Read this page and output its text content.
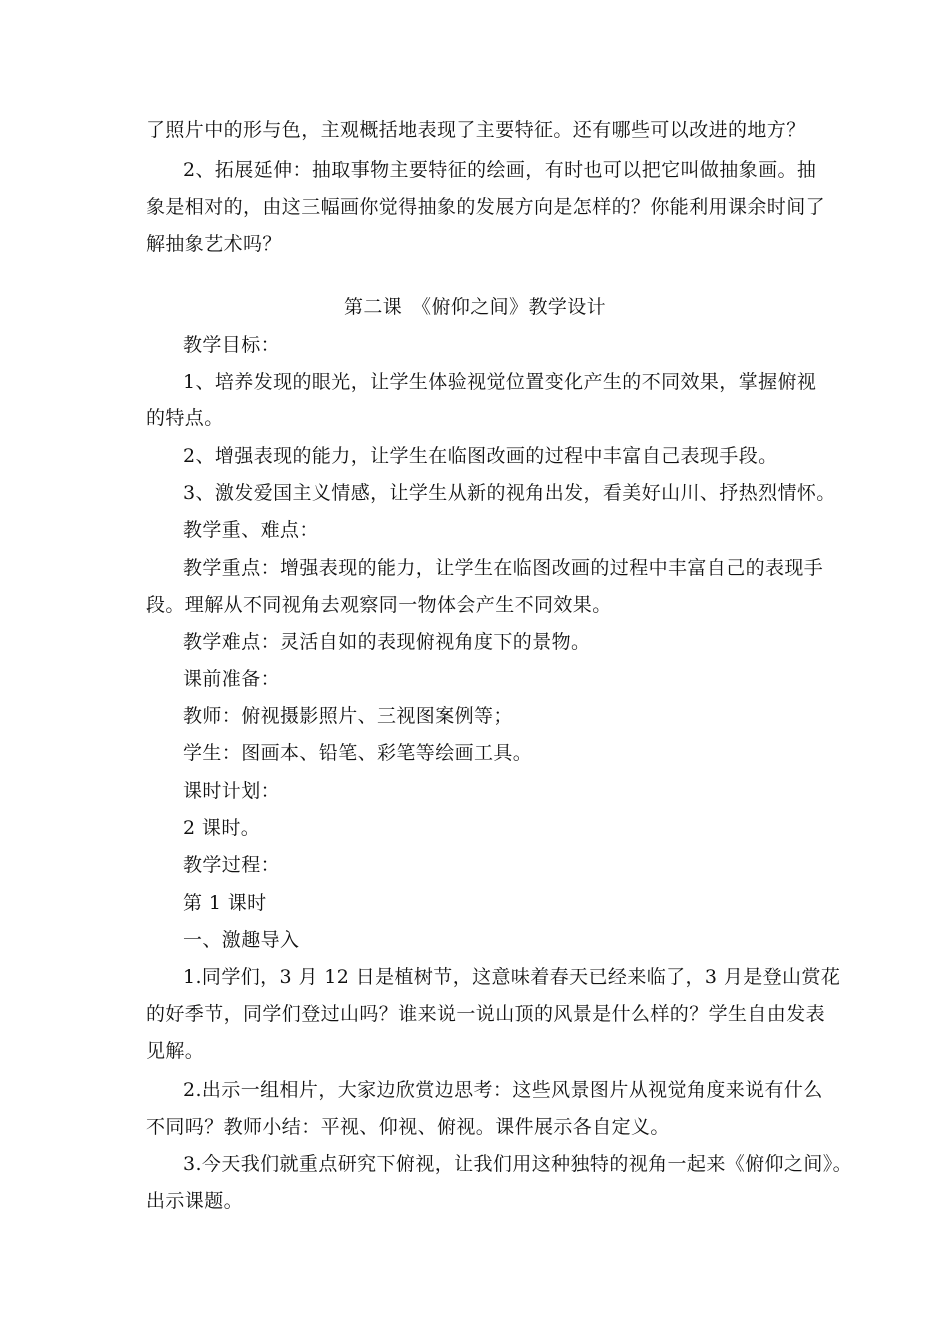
了照片中的形与色，主观概括地表现了主要特征。还有哪些可以改进的地方？
2、拓展延伸：抽取事物主要特征的绘画，有时也可以把它叫做抽象画。抽
象是相对的，由这三幅画你觉得抽象的发展方向是怎样的？你能利用课余时间了
解抽象艺术吗？
第二课　《俯仰之间》教学设计
教学目标：
1、培养发现的眼光，让学生体验视觉位置变化产生的不同效果，掌握俯视
的特点。
2、增强表现的能力，让学生在临图改画的过程中丰富自己表现手段。
3、激发爱国主义情感，让学生从新的视角出发，看美好山川、抒热烈情怀。
教学重、难点：
教学重点：增强表现的能力，让学生在临图改画的过程中丰富自己的表现手
段。理解从不同视角去观察同一物体会产生不同效果。
教学难点：灵活自如的表现俯视角度下的景物。
课前准备：
教师：俯视摄影照片、三视图案例等；
学生：图画本、铅笔、彩笔等绘画工具。
课时计划：
2 课时。
教学过程：
第 1 课时
一、激趣导入
1.同学们，3 月 12 日是植树节，这意味着春天已经来临了，3 月是登山赏花
的好季节，同学们登过山吗？谁来说一说山顶的风景是什么样的？学生自由发表
见解。
2.出示一组相片，大家边欣赏边思考：这些风景图片从视觉角度来说有什么
不同吗？教师小结：平视、仰视、俯视。课件展示各自定义。
3.今天我们就重点研究下俯视，让我们用这种独特的视角一起来《俯仰之间》。
出示课题。
